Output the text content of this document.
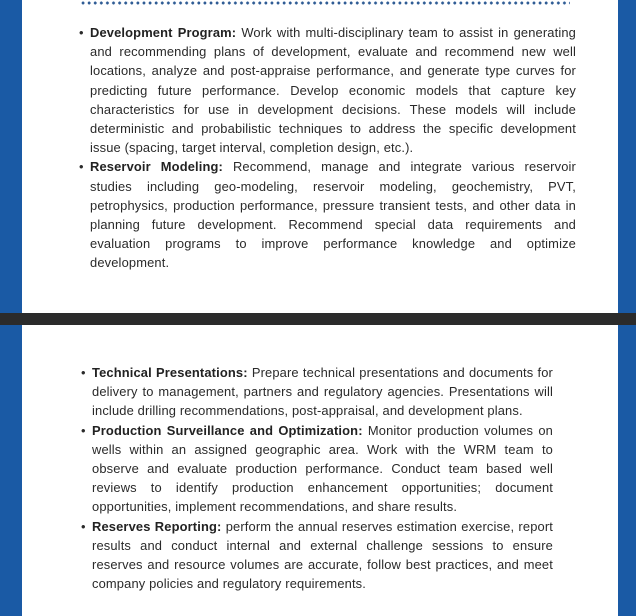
• Development Program: Work with multi-disciplinary team to assist in generating and recommending plans of development, evaluate and recommend new well locations, analyze and post-appraise performance, and generate type curves for predicting future performance. Develop economic models that capture key characteristics for use in development decisions. These models will include deterministic and probabilistic techniques to address the specific development issue (spacing, target interval, completion design, etc.).
• Reservoir Modeling: Recommend, manage and integrate various reservoir studies including geo-modeling, reservoir modeling, geochemistry, PVT, petrophysics, production performance, pressure transient tests, and other data in planning future development. Recommend special data requirements and evaluation programs to improve performance knowledge and optimize development.
• Technical Presentations: Prepare technical presentations and documents for delivery to management, partners and regulatory agencies. Presentations will include drilling recommendations, post-appraisal, and development plans.
• Production Surveillance and Optimization: Monitor production volumes on wells within an assigned geographic area. Work with the WRM team to observe and evaluate production performance. Conduct team based well reviews to identify production enhancement opportunities; document opportunities, implement recommendations, and share results.
• Reserves Reporting: perform the annual reserves estimation exercise, report results and conduct internal and external challenge sessions to ensure reserves and resource volumes are accurate, follow best practices, and meet company policies and regulatory requirements.
